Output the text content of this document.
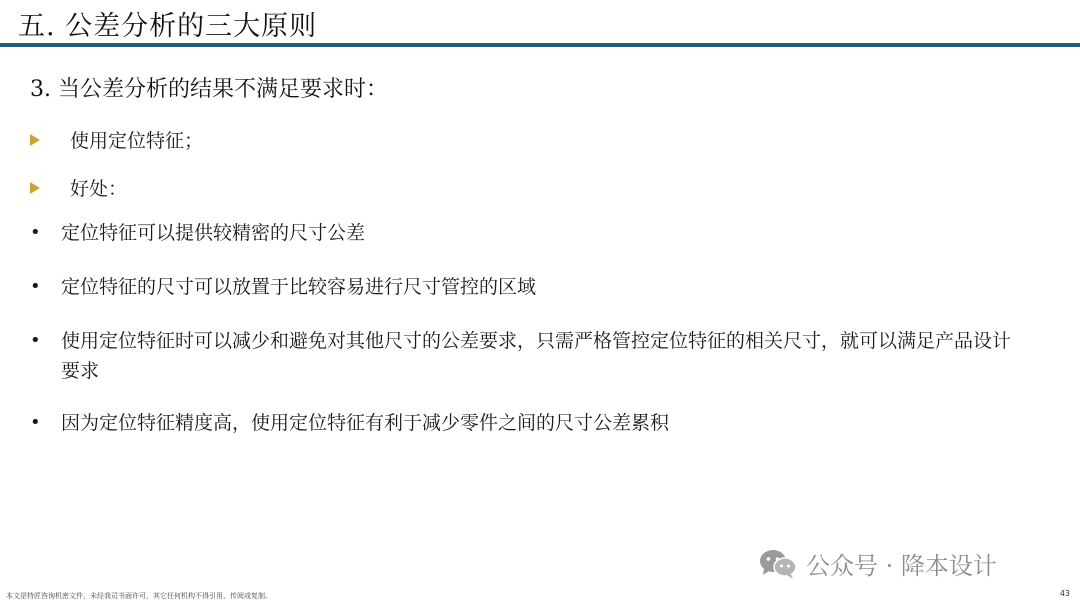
五. 公差分析的三大原则
3. 当公差分析的结果不满足要求时：
使用定位特征；
好处：
• 定位特征可以提供较精密的尺寸公差
• 定位特征的尺寸可以放置于比较容易进行尺寸管控的区域
• 使用定位特征时可以减少和避免对其他尺寸的公差要求，只需严格管控定位特征的相关尺寸，就可以满足产品设计要求
• 因为定位特征精度高，使用定位特征有利于减少零件之间的尺寸公差累积
公众号 · 降本设计
本文是特匠咨询机密文件，未经我司书面许可，其它任何机构不得引用、传阅或复制。	43
